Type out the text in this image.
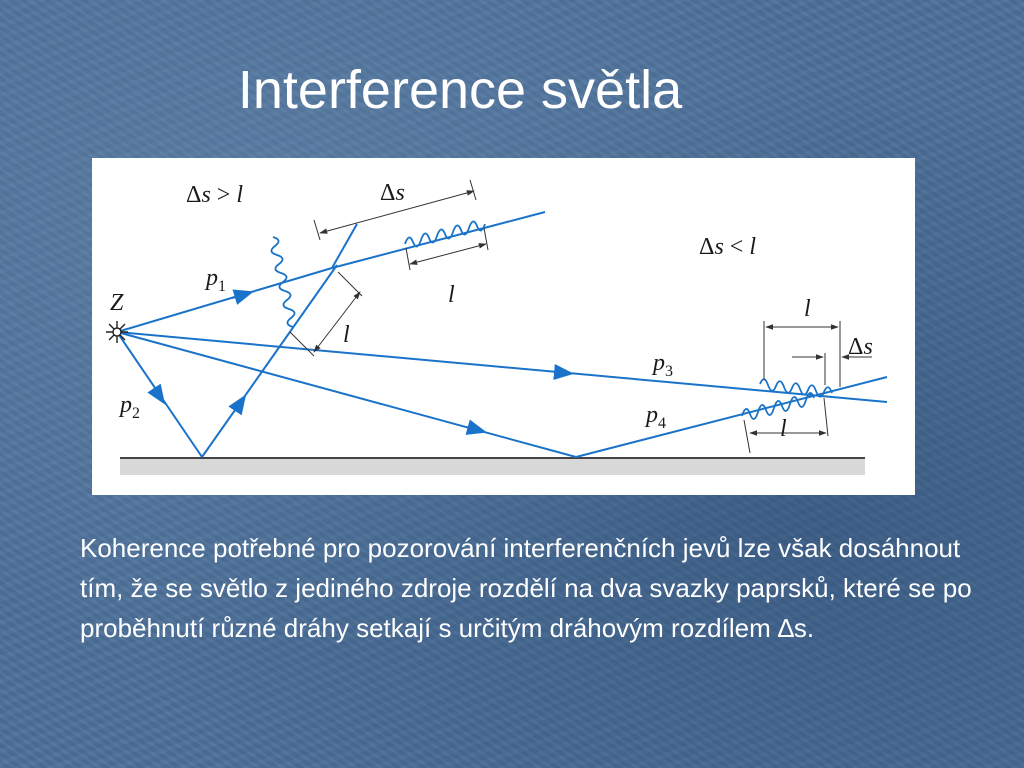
Interference světla
Δs > l
Δs < l
Z
$p_1$
$p_2$
$p_3$
$p_4$
Δs
l
l
l
Δs
l

Koherence potřebné pro pozorování interferenčních jevů lze však dosáhnout tím, že se světlo z jediného zdroje rozdělí na dva svazky paprsků, které se po proběhnutí různé dráhy setkají s určitým dráhovým rozdílem ∆s.
